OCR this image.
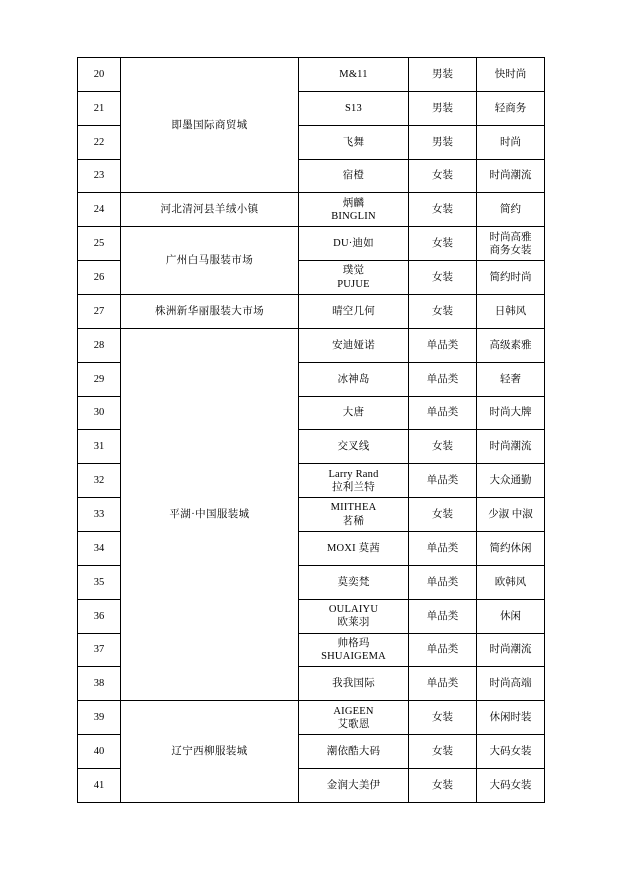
20	即墨国际商贸城	M&11	男装	快时尚

21		S13	男装	轻商务

22		飞舞	男装	时尚

23		宿橙	女装	时尚潮流

24	河北清河县羊绒小镇	炳麟
BINGLIN	女装	简约

25	广州白马服装市场	DU·迪如	女装	时尚高雅
商务女装

26		璞觉
PUJUE	女装	简约时尚

27	株洲新华丽服装大市场	晴空几何	女装	日韩风

28	平湖·中国服装城	安迪娅诺	单品类	高级素雅

29		冰神岛	单品类	轻奢

30		大唐	单品类	时尚大牌

31		交叉线	女装	时尚潮流

32		Larry Rand
拉利兰特	单品类	大众通勤

33		MIITHEA
茗稀	女装	少淑 中淑

34		MOXI 莫茜	单品类	简约休闲

35		莫奕梵	单品类	欧韩风

36		OULAIYU
欧莱羽	单品类	休闲

37		帅格玛
SHUAIGEMA	单品类	时尚潮流

38		我我国际	单品类	时尚高端

39	辽宁西柳服装城	AIGEEN
艾歌恩	女装	休闲时装

40		潮依酷大码	女装	大码女装

41		金润大美伊	女装	大码女装
